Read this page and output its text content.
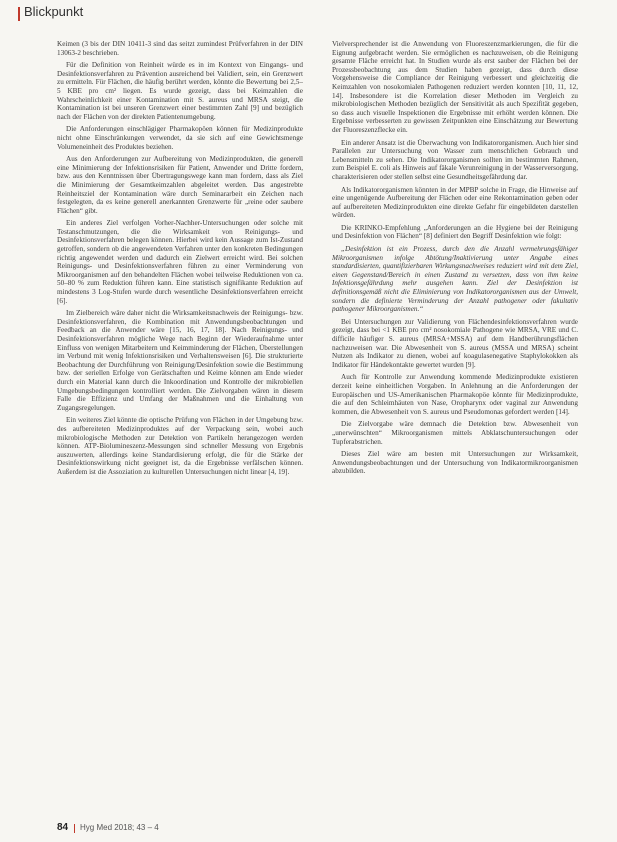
Blickpunkt

Keimen (3 bis der DIN 10411-3 sind das seitzt zumindest Prüfverfahren in der DIN 13063-2 beschrieben.

Für die Definition von Reinheit würde es in im Kontext von Eingangs- und Desinfektionsverfahren zu Prävention ausreichend bei Validiert, sein, ein Grenzwert zu ermitteln. Für Flächen, die häufig berührt werden, könnte die Bewertung bei 2,5–5 KBE pro cm² liegen. Es wurde gezeigt, dass bei Keimzahlen die Wahrscheinlichkeit einer Kontamination mit S. aureus und MRSA steigt, die Kontamination ist bei unseren Grenzwert einer bestimmten Zahl [9] und bezüglich nach der Flächen von der direkten Patientenumgebung.

Die Anforderungen einschlägiger Pharmakopöen können für Medizinprodukte nicht ohne Einschränkungen verwendet, da sie sich auf eine Gewichtsmenge Volumeneinheit des Produktes beziehen.

Aus den Anforderungen zur Aufbereitung von Medizinprodukten, die generell eine Minimierung der Infektionsrisiken für Patient, Anwender und Dritte fordern, bzw. aus den Kenntnissen über Übertragungswege kann man fordern, dass als Ziel die Minimierung der Gesamtkeimzahlen abgeleitet werden. Das angestrebte Reinheitsziel der Kontamination wäre durch Seminararbeit ein Zeichen nach festgelegten, da es keine generell anerkannten Grenzwerte für „reine oder saubere Flächen“ gibt.

Ein anderes Ziel verfolgen Vorher-Nachher-Untersuchungen oder solche mit Testanschmutzungen, die die Wirksamkeit von Reinigungs- und Desinfektionsverfahren belegen können. Hierbei wird kein Aussage zum Ist-Zustand getroffen, sondern ob die angewendeten Verfahren unter den konkreten Bedingungen richtig angewendet werden und dadurch ein Zielwert erreicht wird. Bei solchen Reinigungs- und Desinfektionsverfahren führen zu einer Verminderung von Mikroorganismen auf den behandelten Flächen wobei teilweise Reduktionen von ca. 50–80 % zum Reduktion führen kann. Eine statistisch signifikante Reduktion auf mindestens 3 Log-Stufen wurde durch wesentliche Desinfektionsverfahren erreicht [6].

Im Zielbereich wäre daher nicht die Wirksamkeitsnachweis der Reinigungs- bzw. Desinfektionsverfahren, die Kombination mit Anwendungsbeobachtungen und Feedback an die Anwender wäre [15, 16, 17, 18]. Nach Reinigungs- und Desinfektionsverfahren mögliche Wege nach Beginn der Wiederaufnahme unter Einfluss von wenigen Mitarbeitern und Keimminderung der Flächen, Überstellungen im Verbund mit wenig Infektionsrisiken und Verhaltensweisen [6]. Die strukturierte Beobachtung der Durchführung von Reinigung/Desinfektion sowie die Bestimmung bzw. der seriellen Erfolge von Gerätschaften und Keime können am Ende wieder durch ein Material kann durch die Inkoordination und Kontrolle der mikrobiellen Umgebungsbedingungen kontrolliert werden. Die Zielvorgaben wären in diesem Falle die Effizienz und Umfang der Maßnahmen und die Einhaltung von Zugangsregelungen.

Ein weiteres Ziel könnte die optische Prüfung von Flächen in der Umgebung bzw. des aufbereiteten Medizinproduktes auf der Verpackung sein, wobei auch mikrobiologische Methoden zur Detektion von Partikeln herangezogen werden können. ATP-Biolumineszenz-Messungen sind schneller Messung von Ergebnis auszuwerten, allerdings keine Standardisierung erfolgt, die für die Stärke der Desinfektionswirkung nicht geeignet ist, da die Ergebnisse verfälschen können. Außerdem ist die Assoziation zu kulturellen Untersuchungen nicht linear [4, 19].

Vielversprechender ist die Anwendung von Fluoreszenzmarkierungen, die für die Eignung aufgebracht werden. Sie ermöglichen es nachzuweisen, ob die Reinigung gesamte Fläche erreicht hat. In Studien wurde als erst sauber der Flächen bei der Prozessbeobachtung aus dem Studien haben gezeigt, dass durch diese Vorgehensweise die Compliance der Reinigung verbessert und gleichzeitig die Keimzahlen von nosokomialen Pathogenen reduziert werden konnten [10, 11, 12, 14]. Insbesondere ist die Korrelation dieser Methoden im Vergleich zu mikrobiologischen Methoden bezüglich der Sensitivität als auch Spezifität gegeben, so dass auch visuelle Inspektionen die Ergebnisse mit erhöht werden können. Die Ergebnisse verbesserten zu gewissen Zeitpunkten eine Einschätzung zur Bewertung der Fluoreszenzflecke ein.

Ein anderer Ansatz ist die Überwachung von Indikatororganismen. Auch hier sind Parallelen zur Untersuchung von Wasser zum menschlichen Gebrauch und Lebensmitteln zu sehen. Die Indikatororganismen sollten im bestimmten Rahmen, zum Beispiel E. coli als Hinweis auf fäkale Verunreinigung in der Wasserversorgung, charakterisieren oder stellen selbst eine Gesundheitsgefährdung dar.

Als Indikatororganismen könnten in der MPBP solche in Frage, die Hinweise auf eine ungenügende Aufbereitung der Flächen oder eine Rekontamination geben oder auf aufbereiteten Medizinprodukten eine direkte Gefahr für eingebildeten darstellen würden.

Die KRINKO-Empfehlung „Anforderungen an die Hygiene bei der Reinigung und Desinfektion von Flächen“ [8] definiert den Begriff Desinfektion wie folgt:

„Desinfektion ist ein Prozess, durch den die Anzahl vermehrungsfähiger Mikroorganismen infolge Abtötung/Inaktivierung unter Angabe eines standardisierten, quantifizierbaren Wirkungsnachweises reduziert wird mit dem Ziel, einen Gegenstand/Bereich in einen Zustand zu versetzen, dass von ihm keine Infektionsgefährdung mehr ausgehen kann. Ziel der Desinfektion ist definitionsgemäß nicht die Eliminierung von Indikatororganismen aus der Umwelt, sondern die definierte Verminderung der Anzahl pathogener oder fakultativ pathogener Mikroorganismen.“

Bei Untersuchungen zur Validierung von Flächendesinfektionsverfahren wurde gezeigt, dass bei <1 KBE pro cm² nosokomiale Pathogene wie MRSA, VRE und C. difficile häufiger S. aureus (MRSA+MSSA) auf dem Handberührungsflächen nachzuweisen war. Die Abwesenheit von S. aureus (MSSA und MRSA) scheint Nutzen als Indikator zu dienen, wobei auf koagulasenegative Staphylokokken als Indikator für Händekontakte gewertet wurden [9].

Auch für Kontrolle zur Anwendung kommende Medizinprodukte existieren derzeit keine einheitlichen Vorgaben. In Anlehnung an die Anforderungen der Europäischen und US-Amerikanischen Pharmakopöe könnte für Medizinprodukte, die auf den Schleimhäuten von Nase, Oropharynx oder vaginal zur Anwendung kommen, die Abwesenheit von S. aureus und Pseudomonas gefordert werden [14].

Die Zielvorgabe wäre demnach die Detektion bzw. Abwesenheit von „unerwünschten“ Mikroorganismen mittels Abklatschuntersuchungen oder Tupferabstrichen.

Dieses Ziel wäre am besten mit Untersuchungen zur Wirksamkeit, Anwendungsbeobachtungen und der Untersuchung von Indikatormikroorganismen abzubilden.

84 Hyg Med 2018; 43 – 4
